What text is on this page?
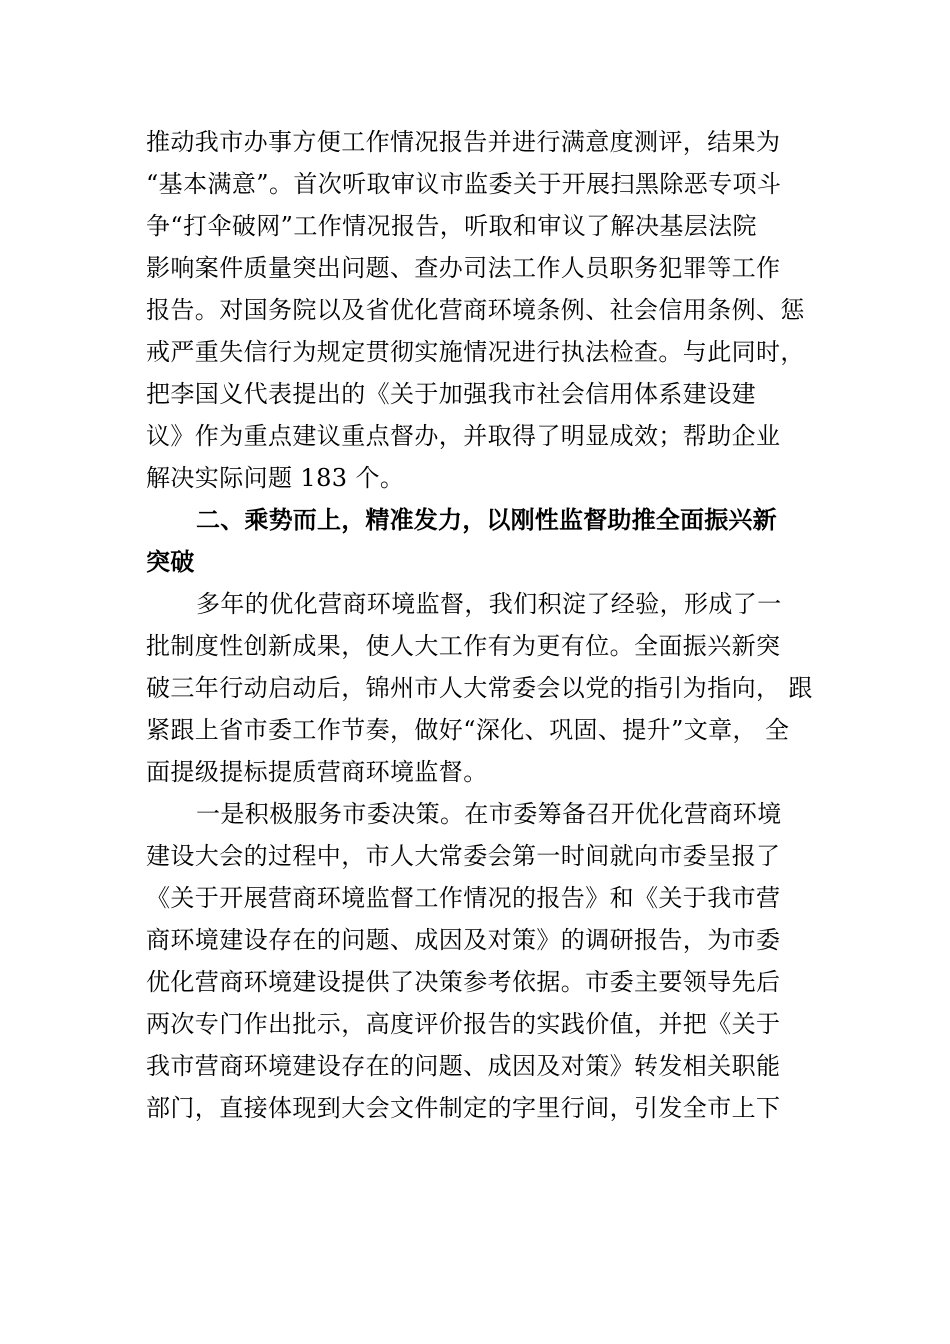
推动我市办事方便工作情况报告并进行满意度测评，结果为
“基本满意”。首次听取审议市监委关于开展扫黑除恶专项斗
争“打伞破网”工作情况报告，听取和审议了解决基层法院
影响案件质量突出问题、查办司法工作人员职务犯罪等工作
报告。对国务院以及省优化营商环境条例、社会信用条例、惩
戒严重失信行为规定贯彻实施情况进行执法检查。与此同时，
把李国义代表提出的《关于加强我市社会信用体系建设建
议》作为重点建议重点督办，并取得了明显成效；帮助企业
解决实际问题 183 个。
二、乘势而上，精准发力，以刚性监督助推全面振兴新
突破
多年的优化营商环境监督，我们积淀了经验，形成了一
批制度性创新成果，使人大工作有为更有位。全面振兴新突
破三年行动启动后，锦州市人大常委会以党的指引为指向， 跟
紧跟上省市委工作节奏，做好“深化、巩固、提升”文章， 全
面提级提标提质营商环境监督。
一是积极服务市委决策。在市委筹备召开优化营商环境
建设大会的过程中，市人大常委会第一时间就向市委呈报了
《关于开展营商环境监督工作情况的报告》和《关于我市营
商环境建设存在的问题、成因及对策》的调研报告，为市委
优化营商环境建设提供了决策参考依据。市委主要领导先后
两次专门作出批示，高度评价报告的实践价值，并把《关于
我市营商环境建设存在的问题、成因及对策》转发相关职能
部门，直接体现到大会文件制定的字里行间，引发全市上下
